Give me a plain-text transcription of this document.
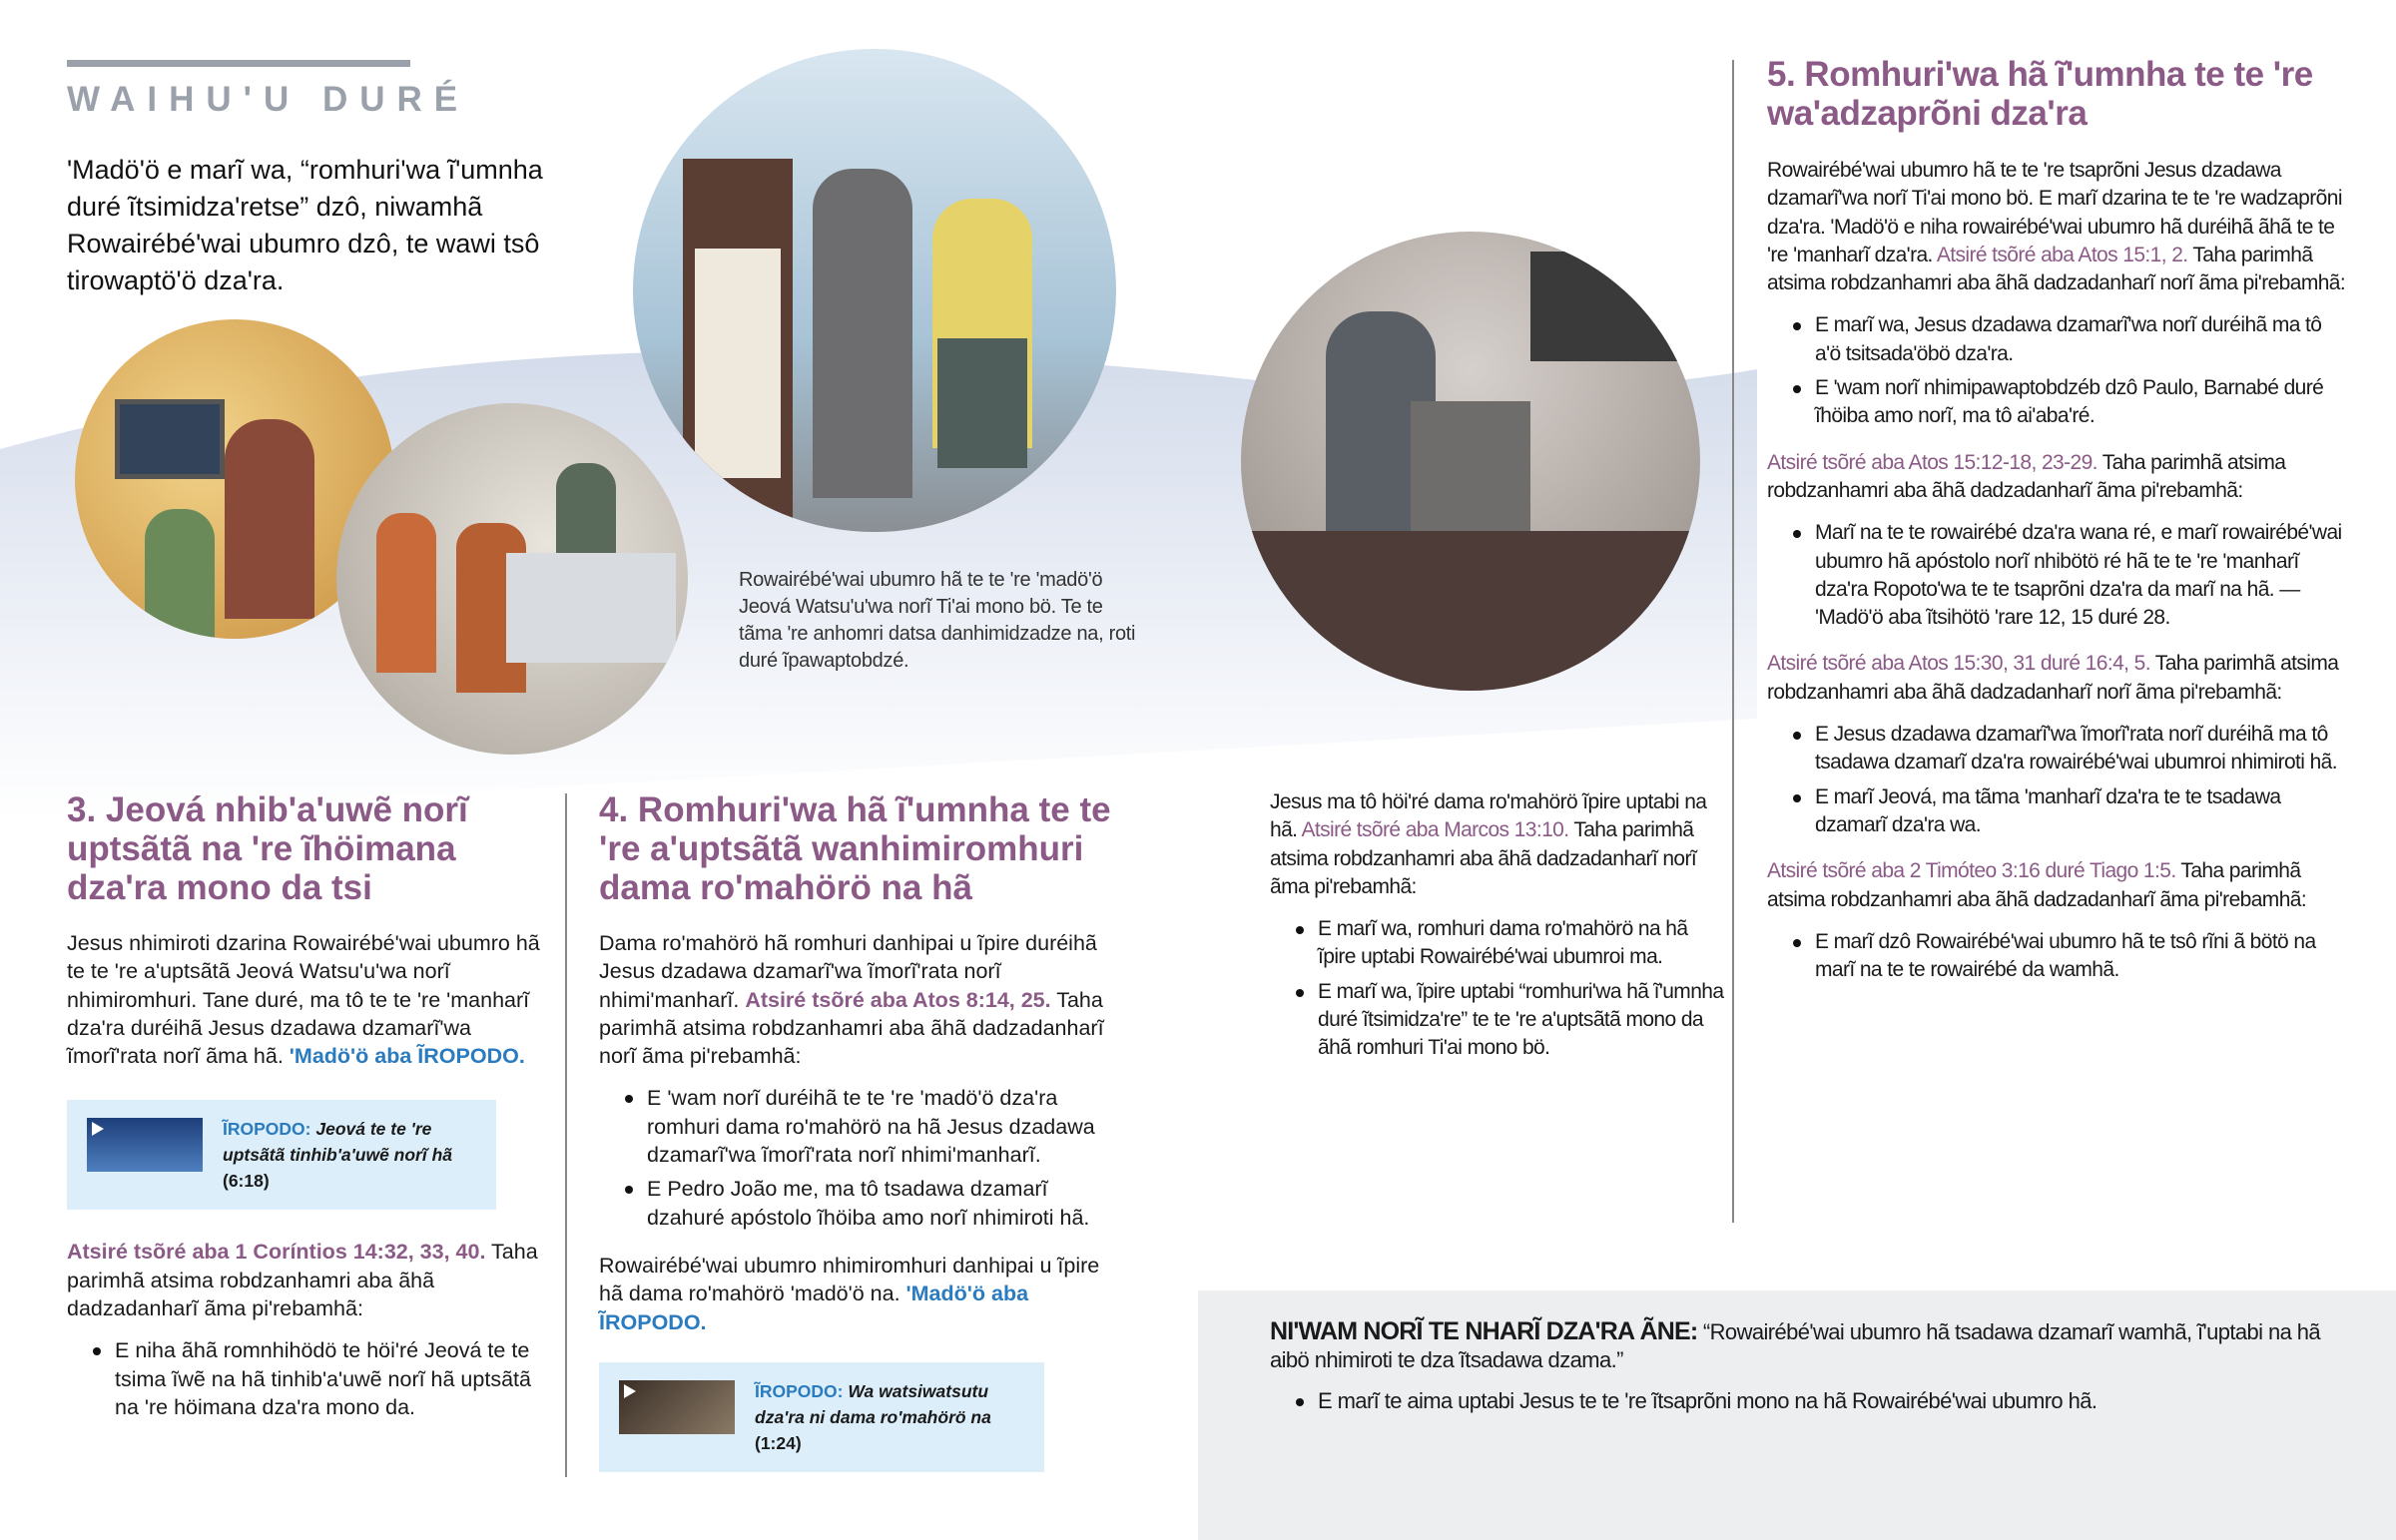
WAIHU'U DURÉ
'Madö'ö e marĩ wa, “romhuri'wa ĩ'umnha duré ĩtsimidza'retse” dzô, niwamhã Rowairébé'wai ubumro dzô, te wawi tsô tirowaptö'ö dza'ra.
Rowairébé'wai ubumro hã te te 're 'madö'ö Jeová Watsu'u'wa norĩ Ti'ai mono bö. Te te tãma 're anhomri datsa danhimidzadze na, roti duré ĩpawaptobdzé.
3. Jeová nhib'a'uwẽ norĩ uptsãtã na 're ĩhöimana dza'ra mono da tsi
Jesus nhimiroti dzarina Rowairébé'wai ubumro hã te te 're a'uptsãtã Jeová Watsu'u'wa norĩ nhimiromhuri. Tane duré, ma tô te te 're 'manharĩ dza'ra duréihã Jesus dzadawa dzamarĩ'wa ĩmorĩ'rata norĩ ãma hã. 'Madö'ö aba ĨROPODO.
ĨROPODO: Jeová te te 're uptsãtã tinhib'a'uwẽ norĩ hã (6:18)
Atsiré tsõré aba 1 Coríntios 14:32, 33, 40. Taha parimhã atsima robdzanhamri aba ãhã dadzadanharĩ ãma pi'rebamhã:
E niha ãhã romnhihödö te höi'ré Jeová te te tsima ĩwẽ na hã tinhib'a'uwẽ norĩ hã uptsãtã na 're höimana dza'ra mono da.
4. Romhuri'wa hã ĩ'umnha te te 're a'uptsãtã wanhimiromhuri dama ro'mahörö na hã
Dama ro'mahörö hã romhuri danhipai u ĩpire duréihã Jesus dzadawa dzamarĩ'wa ĩmorĩ'rata norĩ nhimi'manharĩ. Atsiré tsõré aba Atos 8:14, 25. Taha parimhã atsima robdzanhamri aba ãhã dadzadanharĩ norĩ ãma pi'rebamhã:
E 'wam norĩ duréihã te te 're 'madö'ö dza'ra romhuri dama ro'mahörö na hã Jesus dzadawa dzamarĩ'wa ĩmorĩ'rata norĩ nhimi'manharĩ.
E Pedro João me, ma tô tsadawa dzamarĩ dzahuré apóstolo ĩhöiba amo norĩ nhimiroti hã.
Rowairébé'wai ubumro nhimiromhuri danhipai u ĩpire hã dama ro'mahörö 'madö'ö na. 'Madö'ö aba ĨROPODO.
ĨROPODO: Wa watsiwatsutu dza'ra ni dama ro'mahörö na (1:24)
Jesus ma tô höi'ré dama ro'mahörö ĩpire uptabi na hã. Atsiré tsõré aba Marcos 13:10. Taha parimhã atsima robdzanhamri aba ãhã dadzadanharĩ norĩ ãma pi'rebamhã:
E marĩ wa, romhuri dama ro'mahörö na hã ĩpire uptabi Rowairébé'wai ubumroi ma.
E marĩ wa, ĩpire uptabi “romhuri'wa hã ĩ'umnha duré ĩtsimidza're” te te 're a'uptsãtã mono da ãhã romhuri Ti'ai mono bö.
5. Romhuri'wa hã ĩ'umnha te te 're wa'adzaprõni dza'ra
Rowairébé'wai ubumro hã te te 're tsaprõni Jesus dzadawa dzamarĩ'wa norĩ Ti'ai mono bö. E marĩ dzarina te te 're wadzaprõni dza'ra. 'Madö'ö e niha rowairébé'wai ubumro hã duréihã ãhã te te 're 'manharĩ dza'ra. Atsiré tsõré aba Atos 15:1, 2. Taha parimhã atsima robdzanhamri aba ãhã dadzadanharĩ norĩ ãma pi'rebamhã:
E marĩ wa, Jesus dzadawa dzamarĩ'wa norĩ duréihã ma tô a'ö tsitsada'öbö dza'ra.
E 'wam norĩ nhimipawaptobdzéb dzô Paulo, Barnabé duré ĩhöiba amo norĩ, ma tô ai'aba'ré.
Atsiré tsõré aba Atos 15:12-18, 23-29. Taha parimhã atsima robdzanhamri aba ãhã dadzadanharĩ ãma pi'rebamhã:
Marĩ na te te rowairébé dza'ra wana ré, e marĩ rowairébé'wai ubumro hã apóstolo norĩ nhibötö ré hã te te 're 'manharĩ dza'ra Ropoto'wa te te tsaprõni dza'ra da marĩ na hã. — 'Madö'ö aba ĩtsihötö 'rare 12, 15 duré 28.
Atsiré tsõré aba Atos 15:30, 31 duré 16:4, 5. Taha parimhã atsima robdzanhamri aba ãhã dadzadanharĩ norĩ ãma pi'rebamhã:
E Jesus dzadawa dzamarĩ'wa ĩmorĩ'rata norĩ duréihã ma tô tsadawa dzamarĩ dza'ra rowairébé'wai ubumroi nhimiroti hã.
E marĩ Jeová, ma tãma 'manharĩ dza'ra te te tsadawa dzamarĩ dza'ra wa.
Atsiré tsõré aba 2 Timóteo 3:16 duré Tiago 1:5. Taha parimhã atsima robdzanhamri aba ãhã dadzadanharĩ ãma pi'rebamhã:
E marĩ dzô Rowairébé'wai ubumro hã te tsô rĩni ã bötö na marĩ na te te rowairébé da wamhã.
NI'WAM NORĨ TE NHARĨ DZA'RA ÃNE: “Rowairébé'wai ubumro hã tsadawa dzamarĩ wamhã, ĩ'uptabi na hã aibö nhimiroti te dza ĩtsadawa dzama.”
E marĩ te aima uptabi Jesus te te 're ĩtsaprõni mono na hã Rowairébé'wai ubumro hã.
